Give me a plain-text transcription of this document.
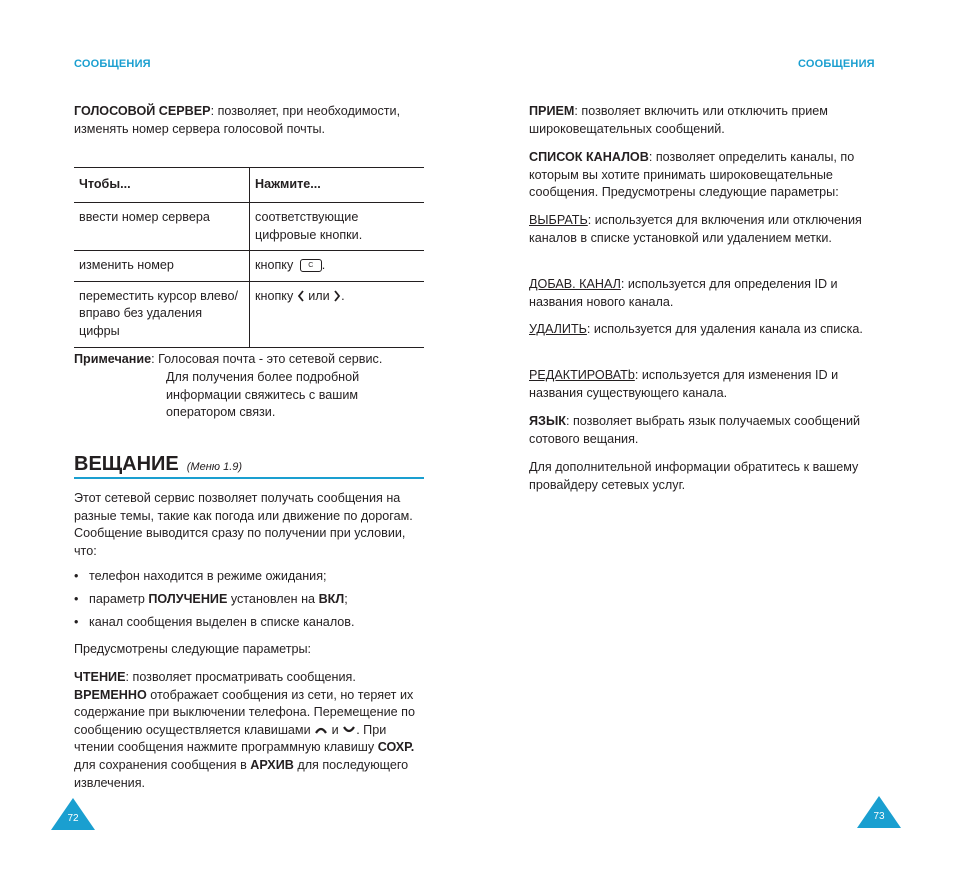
СООБЩЕНИЯ

ГОЛОСОВОЙ СЕРВЕР: позволяет, при необходимости, изменять номер сервера голосовой почты.

Чтобы...	Нажмите...
ввести номер сервера	соответствующие цифровые кнопки.
изменить номер	кнопку C .
переместить курсор влево/вправо без удаления цифры	кнопку или .

Примечание: Голосовая почта - это сетевой сервис.

Для получения более подробной информации свяжитесь с вашим оператором связи.

ВЕЩАНИЕ (Меню 1.9)

Этот сетевой сервис позволяет получать сообщения на разные темы, такие как погода или движение по дорогам. Сообщение выводится сразу по получении при условии, что:

• телефон находится в режиме ожидания;
• параметр ПОЛУЧЕНИЕ установлен на ВКЛ;
• канал сообщения выделен в списке каналов.

Предусмотрены следующие параметры:

ЧТЕНИЕ: позволяет просматривать сообщения.
ВРЕМЕННО отображает сообщения из сети, но теряет их содержание при выключении телефона. Перемещение по сообщению осуществляется клавишами и . При чтении сообщения нажмите программную клавишу СОХР. для сохранения сообщения в АРХИВ для последующего извлечения.

72
СООБЩЕНИЯ

ПРИЕМ: позволяет включить или отключить прием широковещательных сообщений.

СПИСОК КАНАЛОВ: позволяет определить каналы, по которым вы хотите принимать широковещательные сообщения. Предусмотрены следующие параметры:

ВЫБРАТЬ: используется для включения или отключения каналов в списке установкой или удалением метки.

ДОБАВ. КАНАЛ: используется для определения ID и названия нового канала.

УДАЛИТЬ: используется для удаления канала из списка.

РЕДАКТИРОВАТb: используется для изменения ID и названия существующего канала.

ЯЗЫК: позволяет выбрать язык получаемых сообщений сотового вещания.

Для дополнительной информации обратитесь к вашему провайдеру сетевых услуг.

73
